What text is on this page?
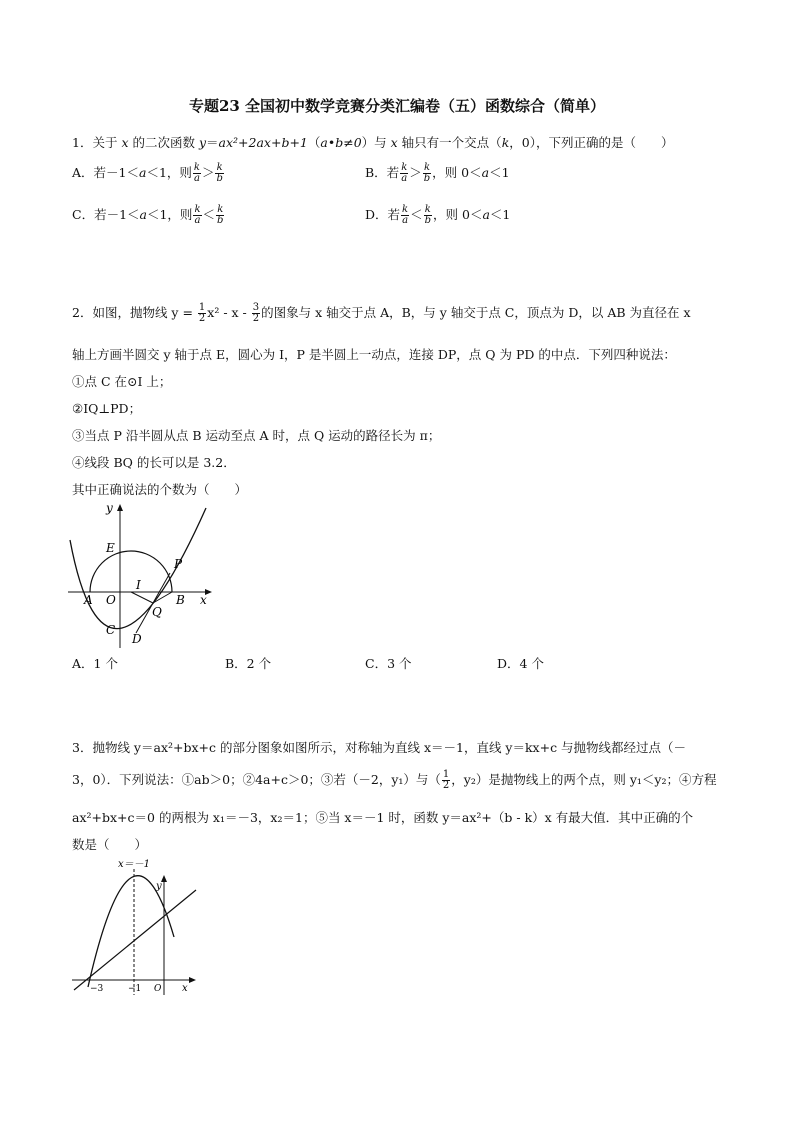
专题23 全国初中数学竞赛分类汇编卷（五）函数综合（简单）
1．关于 x 的二次函数 y＝ax²+2ax+b+1（a•b≠0）与 x 轴只有一个交点（k，0），下列正确的是（　　）
A．若－1＜a＜1，则 $\frac{k}{a} > \frac{k}{b}$	B．若 $\frac{k}{a} > \frac{k}{b}$ ，则 0＜a＜1
C．若－1＜a＜1，则 $\frac{k}{a} < \frac{k}{b}$	D．若 $\frac{k}{a} < \frac{k}{b}$ ，则 0＜a＜1
2．如图，抛物线 $y = \frac{1}{2} x^2 - x - \frac{3}{2}$ 的图象与 x 轴交于点 A，B，与 y 轴交于点 C，顶点为 D，以 AB 为直径在 x
轴上方画半圆交 y 轴于点 E，圆心为 I，P 是半圆上一动点，连接 DP，点 Q 为 PD 的中点．下列四种说法：
①点 C 在⊙I 上；
②IQ⊥PD；
③当点 P 沿半圆从点 B 运动至点 A 时，点 Q 运动的路径长为 π；
④线段 BQ 的长可以是 3.2．
其中正确说法的个数为（　　）
y
E
P
I
A O
Q
B x
C
D
A．1 个	B．2 个	C．3 个	D．4 个
3．抛物线 y＝ax²+bx+c 的部分图象如图所示，对称轴为直线 x＝－1，直线 y＝kx+c 与抛物线都经过点（－
3，0）．下列说法：①ab＞0；②4a+c＞0；③若（－2，y₁）与（ $\frac{1}{2}$ ，y₂）是抛物线上的两个点，则 y₁＜y₂；④方程
ax²+bx+c＝0 的两根为 x₁＝－3，x₂＝1；⑤当 x＝－1 时，函数 y＝ax²+（b - k）x 有最大值．其中正确的个
数是（　　）
x＝－1
y
−3	−1 O x
